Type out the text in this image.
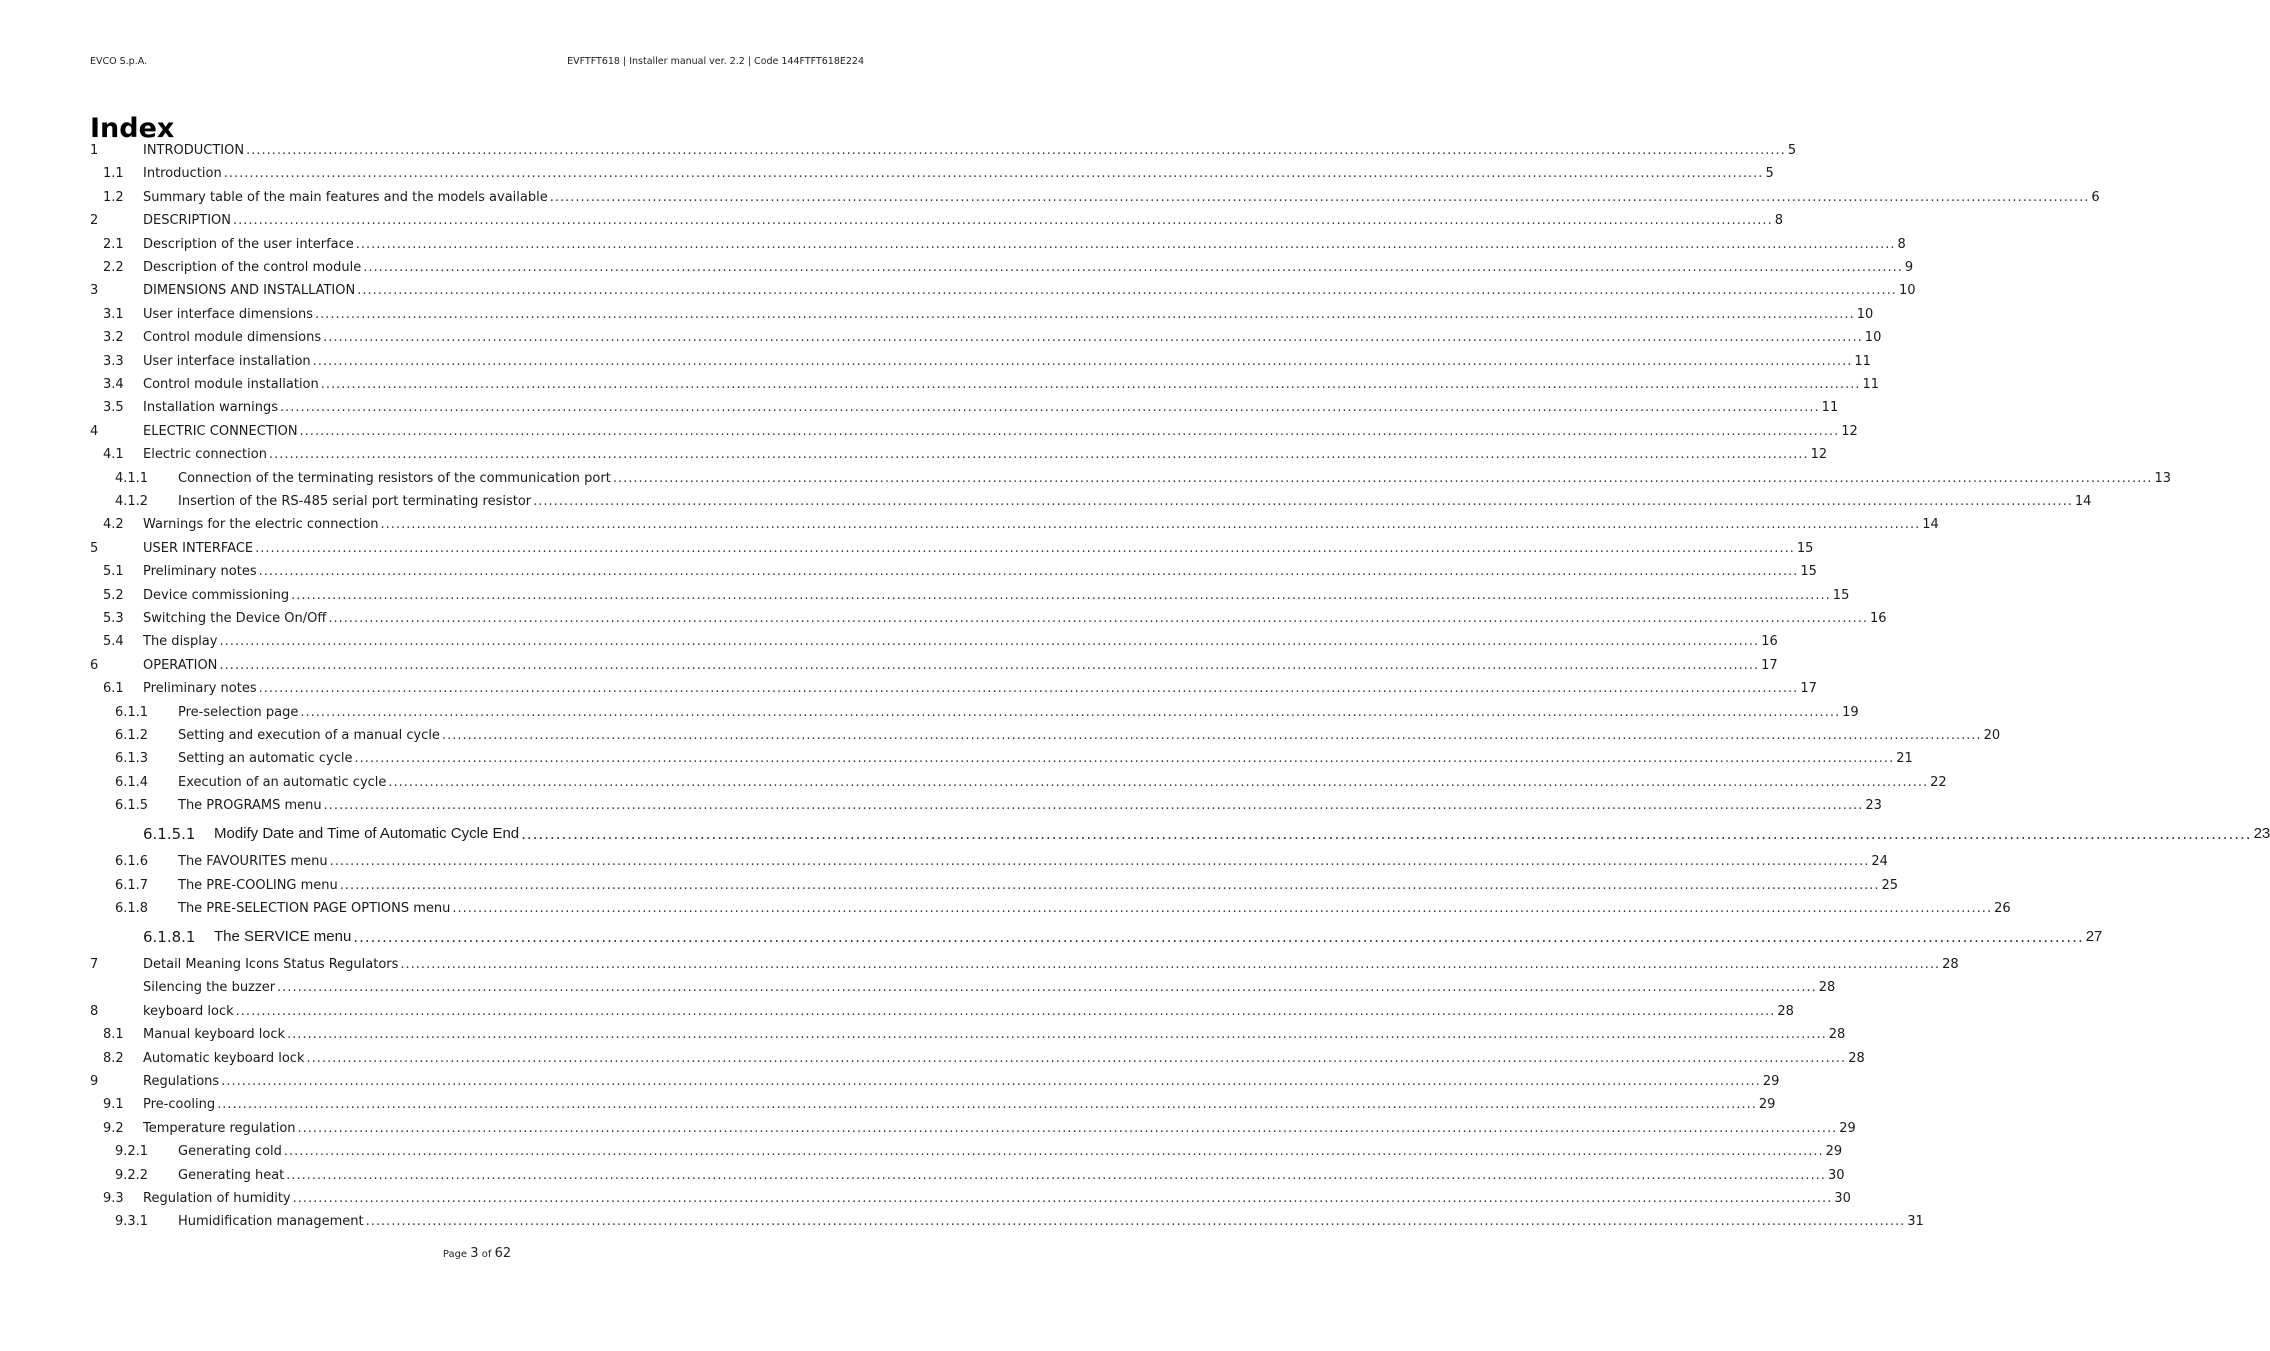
EVCO S.p.A.	EVFTFT618 | Installer manual ver. 2.2 | Code 144FTFT618E224
Index
1	INTRODUCTION ............................................................................................................................................................................................................................................................................................................ 5
1.1 Introduction ............................................................................................................................................................................................................................................................................................................ 5
1.2 Summary table of the main features and the models available ............................................................................................................................................................................................................................................................................................................ 6
2	DESCRIPTION ............................................................................................................................................................................................................................................................................................................ 8
2.1 Description of the user interface ............................................................................................................................................................................................................................................................................................................ 8
2.2 Description of the control module ............................................................................................................................................................................................................................................................................................................ 9
3	DIMENSIONS AND INSTALLATION ............................................................................................................................................................................................................................................................................................................ 10
3.1 User interface dimensions ............................................................................................................................................................................................................................................................................................................ 10
3.2 Control module dimensions ............................................................................................................................................................................................................................................................................................................ 10
3.3 User interface installation ............................................................................................................................................................................................................................................................................................................ 11
3.4 Control module installation ............................................................................................................................................................................................................................................................................................................ 11
3.5 Installation warnings ............................................................................................................................................................................................................................................................................................................ 11
4	ELECTRIC CONNECTION ............................................................................................................................................................................................................................................................................................................ 12
4.1 Electric connection ............................................................................................................................................................................................................................................................................................................ 12
4.1.1 Connection of the terminating resistors of the communication port ............................................................................................................................................................................................................................................................................................................ 13
4.1.2 Insertion of the RS-485 serial port terminating resistor ............................................................................................................................................................................................................................................................................................................ 14
4.2 Warnings for the electric connection ............................................................................................................................................................................................................................................................................................................ 14
5	USER INTERFACE ............................................................................................................................................................................................................................................................................................................ 15
5.1 Preliminary notes ............................................................................................................................................................................................................................................................................................................ 15
5.2 Device commissioning ............................................................................................................................................................................................................................................................................................................ 15
5.3 Switching the Device On/Off ............................................................................................................................................................................................................................................................................................................ 16
5.4 The display ............................................................................................................................................................................................................................................................................................................ 16
6	OPERATION ............................................................................................................................................................................................................................................................................................................ 17
6.1 Preliminary notes ............................................................................................................................................................................................................................................................................................................ 17
6.1.1 Pre-selection page ............................................................................................................................................................................................................................................................................................................ 19
6.1.2 Setting and execution of a manual cycle ............................................................................................................................................................................................................................................................................................................ 20
6.1.3 Setting an automatic cycle ............................................................................................................................................................................................................................................................................................................ 21
6.1.4 Execution of an automatic cycle ............................................................................................................................................................................................................................................................................................................ 22
6.1.5 The PROGRAMS menu ............................................................................................................................................................................................................................................................................................................ 23
6.1.5.1 Modify Date and Time of Automatic Cycle End ............................................................................................................................................................................................................................................................................................................ 23
6.1.6 The FAVOURITES menu ............................................................................................................................................................................................................................................................................................................ 24
6.1.7 The PRE-COOLING menu ............................................................................................................................................................................................................................................................................................................ 25
6.1.8 The PRE-SELECTION PAGE OPTIONS menu ............................................................................................................................................................................................................................................................................................................ 26
6.1.8.1 The SERVICE menu ............................................................................................................................................................................................................................................................................................................ 27
7	Detail Meaning Icons Status Regulators ............................................................................................................................................................................................................................................................................................................ 28
Silencing the buzzer ............................................................................................................................................................................................................................................................................................................ 28
8	keyboard lock ............................................................................................................................................................................................................................................................................................................ 28
8.1 Manual keyboard lock ............................................................................................................................................................................................................................................................................................................ 28
8.2 Automatic keyboard lock ............................................................................................................................................................................................................................................................................................................ 28
9	Regulations ............................................................................................................................................................................................................................................................................................................ 29
9.1 Pre-cooling ............................................................................................................................................................................................................................................................................................................ 29
9.2 Temperature regulation ............................................................................................................................................................................................................................................................................................................ 29
9.2.1 Generating cold ............................................................................................................................................................................................................................................................................................................ 29
9.2.2 Generating heat ............................................................................................................................................................................................................................................................................................................ 30
9.3 Regulation of humidity ............................................................................................................................................................................................................................................................................................................ 30
9.3.1 Humidification management ............................................................................................................................................................................................................................................................................................................ 31
Page 3 of 62
